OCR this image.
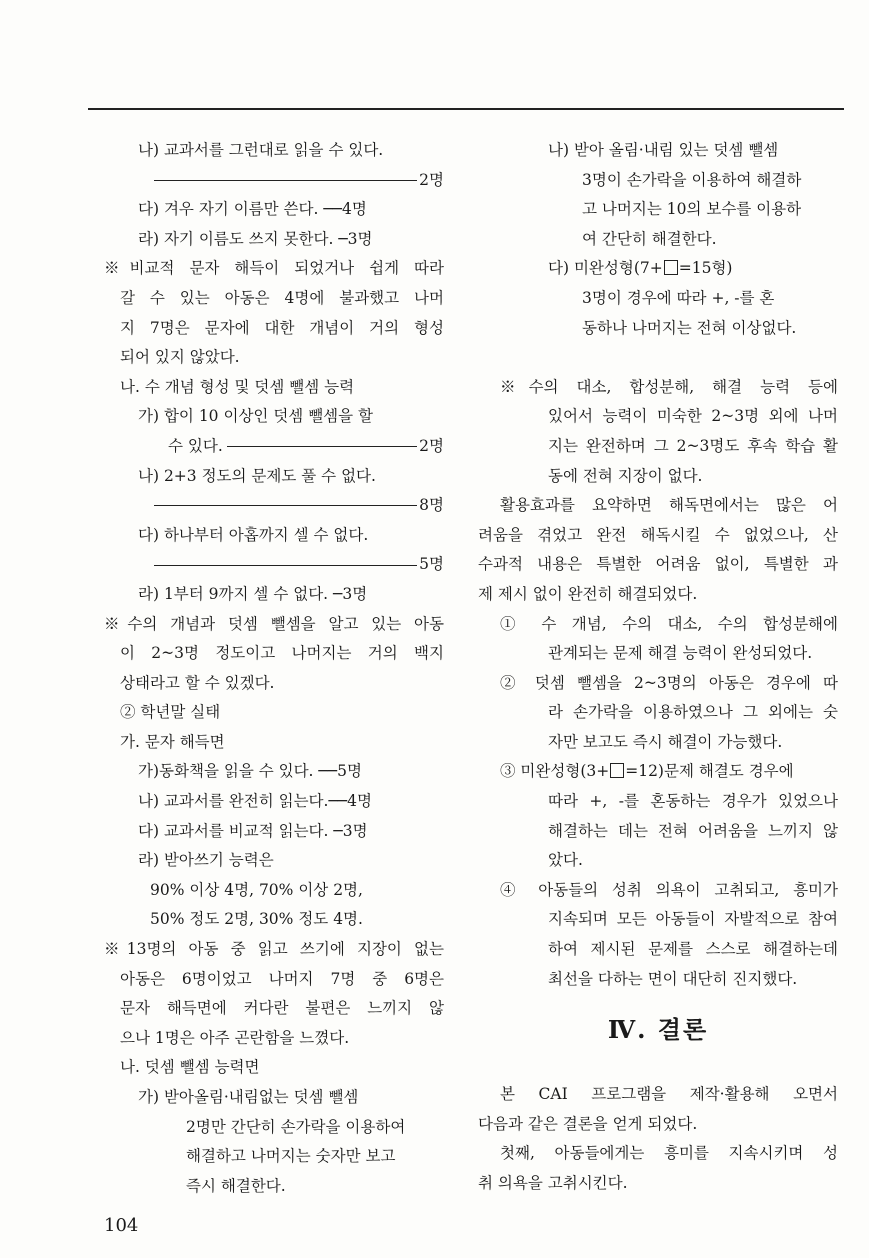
나) 교과서를 그런대로 읽을 수 있다.
2명
다) 겨우 자기 이름만 쓴다. ──4명
라) 자기 이름도 쓰지 못한다. ─3명
※비교적 문자 해득이 되었거나 쉽게 따라
갈 수 있는 아동은 4명에 불과했고 나머
지 7명은 문자에 대한 개념이 거의 형성
되어 있지 않았다.
나. 수 개념 형성 및 덧셈 뺄셈 능력
가) 합이 10 이상인 덧셈 뺄셈을 할
수 있다.	2명
나) 2+3 정도의 문제도 풀 수 없다.
8명
다) 하나부터 아홉까지 셀 수 없다.
5명
라) 1부터 9까지 셀 수 없다. ─3명
※수의 개념과 덧셈 뺄셈을 알고 있는 아동
이 2~3명 정도이고 나머지는 거의 백지
상태라고 할 수 있겠다.
② 학년말 실태
가. 문자 해득면
가)동화책을 읽을 수 있다. ──5명
나) 교과서를 완전히 읽는다.──4명
다) 교과서를 비교적 읽는다. ─3명
라) 받아쓰기 능력은
90% 이상 4명, 70% 이상 2명,
50% 정도 2명, 30% 정도 4명.
※13명의 아동 중 읽고 쓰기에 지장이 없는
아동은 6명이었고 나머지 7명 중 6명은
문자 해득면에 커다란 불편은 느끼지 않
으나 1명은 아주 곤란함을 느꼈다.
나. 덧셈 뺄셈 능력면
가) 받아올림·내림없는 덧셈 뺄셈
2명만 간단히 손가락을 이용하여
해결하고 나머지는 숫자만 보고
즉시 해결한다.
나) 받아 올림·내림 있는 덧셈 뺄셈
3명이 손가락을 이용하여 해결하
고 나머지는 10의 보수를 이용하
여 간단히 해결한다.
다) 미완성형(7+ =15형)
3명이 경우에 따라 +, -를 혼
동하나 나머지는 전혀 이상없다.

※수의 대소, 합성분해, 해결 능력 등에
있어서 능력이 미숙한 2~3명 외에 나머
지는 완전하며 그 2~3명도 후속 학습 활
동에 전혀 지장이 없다.
활용효과를 요약하면 해독면에서는 많은 어
려움을 겪었고 완전 해독시킬 수 없었으나, 산
수과적 내용은 특별한 어려움 없이, 특별한 과
제 제시 없이 완전히 해결되었다.
① 수 개념, 수의 대소, 수의 합성분해에
관계되는 문제 해결 능력이 완성되었다.
② 덧셈 뺄셈을 2~3명의 아동은 경우에 따
라 손가락을 이용하였으나 그 외에는 숫
자만 보고도 즉시 해결이 가능했다.
③ 미완성형(3+ =12)문제 해결도 경우에
따라 +, -를 혼동하는 경우가 있었으나
해결하는 데는 전혀 어려움을 느끼지 않
았다.
④ 아동들의 성취 의욕이 고취되고, 흥미가
지속되며 모든 아동들이 자발적으로 참여
하여 제시된 문제를 스스로 해결하는데
최선을 다하는 면이 대단히 진지했다.
Ⅳ. 결론
본 CAI 프로그램을 제작·활용해 오면서
다음과 같은 결론을 얻게 되었다.
첫째, 아동들에게는 흥미를 지속시키며 성
취 의욕을 고취시킨다.
104
